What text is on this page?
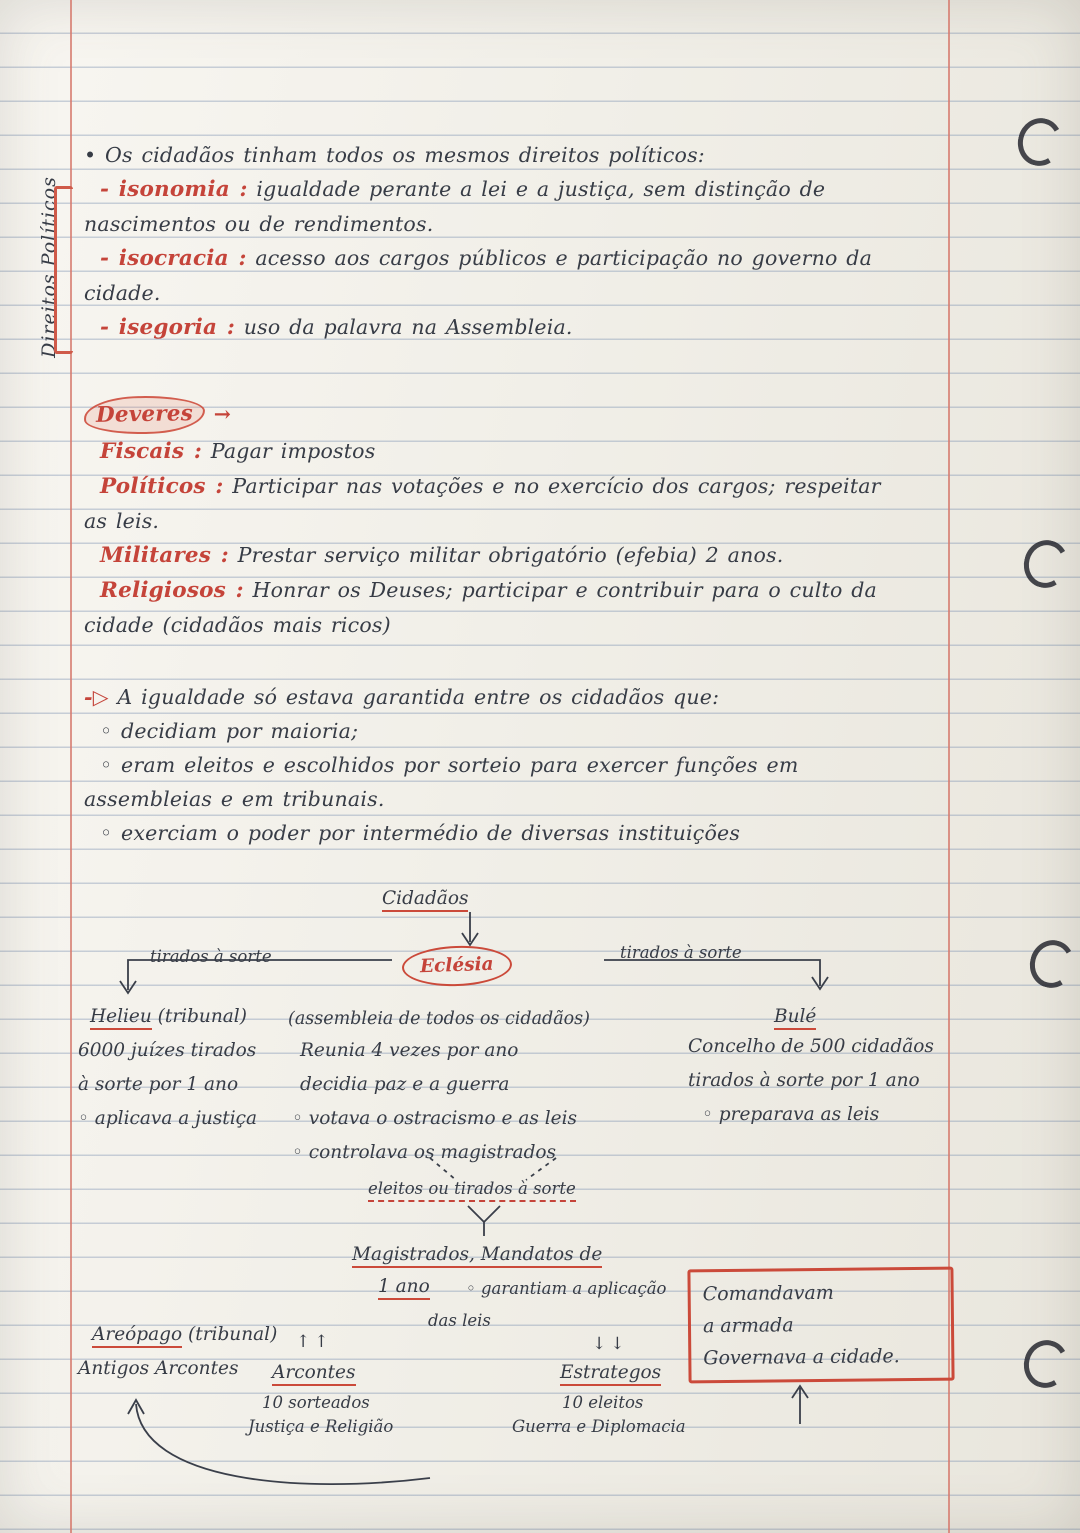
Direitos Políticos

• Os cidadãos tinham todos os mesmos direitos políticos:

- isonomia : igualdade perante a lei e a justiça, sem distinção de nascimentos ou de rendimentos.

- isocracia : acesso aos cargos públicos e participação no governo da cidade.

- isegoria : uso da palavra na Assembleia.

Deveres →

Fiscais : Pagar impostos

Políticos : Participar nas votações e no exercício dos cargos; respeitar as leis.

Militares : Prestar serviço militar obrigatório (efebia) 2 anos.

Religiosos : Honrar os Deuses; participar e contribuir para o culto da cidade (cidadãos mais ricos)

-▷ A igualdade só estava garantida entre os cidadãos que:

◦ decidiam por maioria;

◦ eram eleitos e escolhidos por sorteio para exercer funções em assembleias e em tribunais.

◦ exerciam o poder por intermédio de diversas instituições

Cidadãos
tirados à sorte	Eclésia
tirados à sorte
Helieu (tribunal) (assembleia de todos os cidadãos)	Bulé
6000 juízes tirados
à sorte por 1 ano
◦ aplicava a justiça
Reunia 4 vezes por ano
decidia paz e a guerra
◦ votava o ostracismo e as leis
◦ controlava os magistrados
Concelho de 500 cidadãos
tirados à sorte por 1 ano
◦ preparava as leis
eleitos ou tirados à sorte
Magistrados, Mandatos de
1 ano ◦ garantiam a aplicação
das leis
Areópago (tribunal)
Antigos Arcontes
↑↑
Arcontes
10 sorteados
Justiça e Religião
↓↓
Estrategos
10 eleitos
Guerra e Diplomacia
Comandavam
a armada
Governava a cidade.
